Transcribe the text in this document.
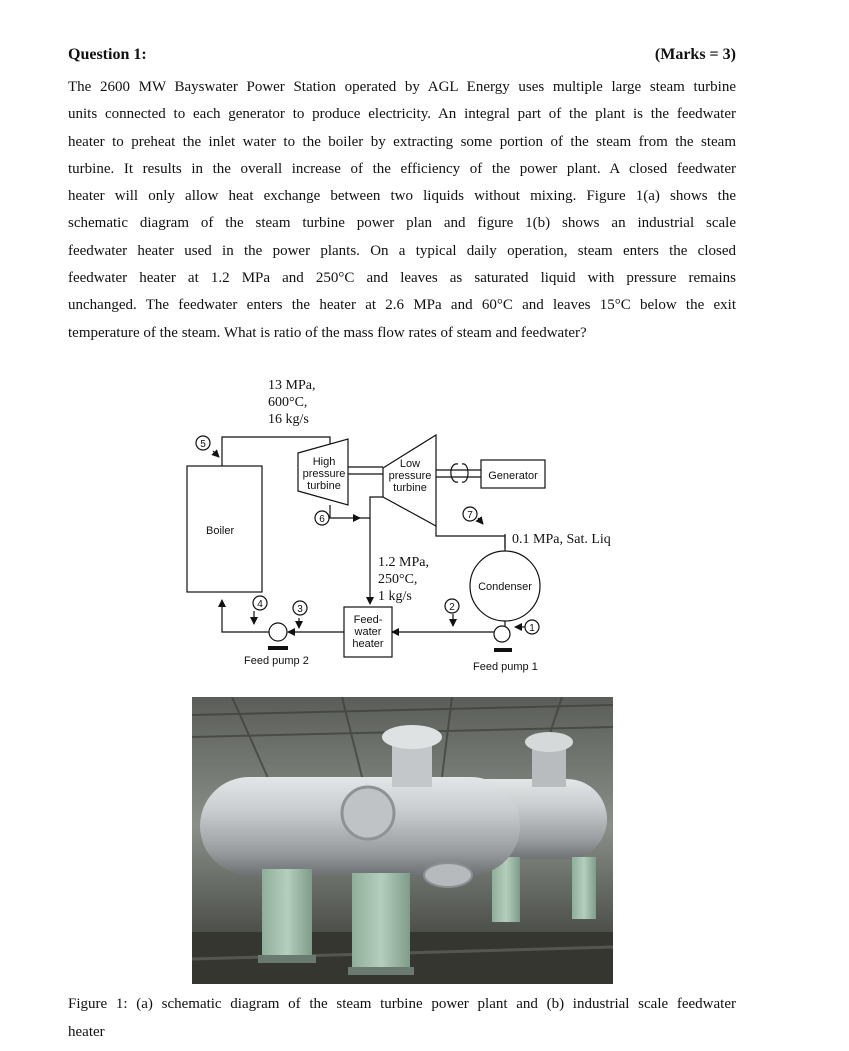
Question 1:	(Marks = 3)
The 2600 MW Bayswater Power Station operated by AGL Energy uses multiple large steam turbine
units connected to each generator to produce electricity. An integral part of the plant is the feedwater
heater to preheat the inlet water to the boiler by extracting some portion of the steam from the steam
turbine. It results in the overall increase of the efficiency of the power plant. A closed feedwater
heater will only allow heat exchange between two liquids without mixing. Figure 1(a) shows the
schematic diagram of the steam turbine power plan and figure 1(b) shows an industrial scale
feedwater heater used in the power plants. On a typical daily operation, steam enters the closed
feedwater heater at 1.2 MPa and 250°C and leaves as saturated liquid with pressure remains
unchanged. The feedwater enters the heater at 2.6 MPa and 60°C and leaves 15°C below the exit
temperature of the steam. What is ratio of the mass flow rates of steam and feedwater?
5
6	7
4	3	2
1
Boiler
High
pressure
turbine
Low
pressure
turbine
Generator
Condenser
Feed-
water
heater
Feed pump 2	Feed pump 1
13 MPa,
600°C,
16 kg/s
1.2 MPa,
250°C,
1 kg/s
0.1 MPa, Sat. Liq
Figure 1: (a) schematic diagram of the steam turbine power plant and (b) industrial scale feedwater
heater
